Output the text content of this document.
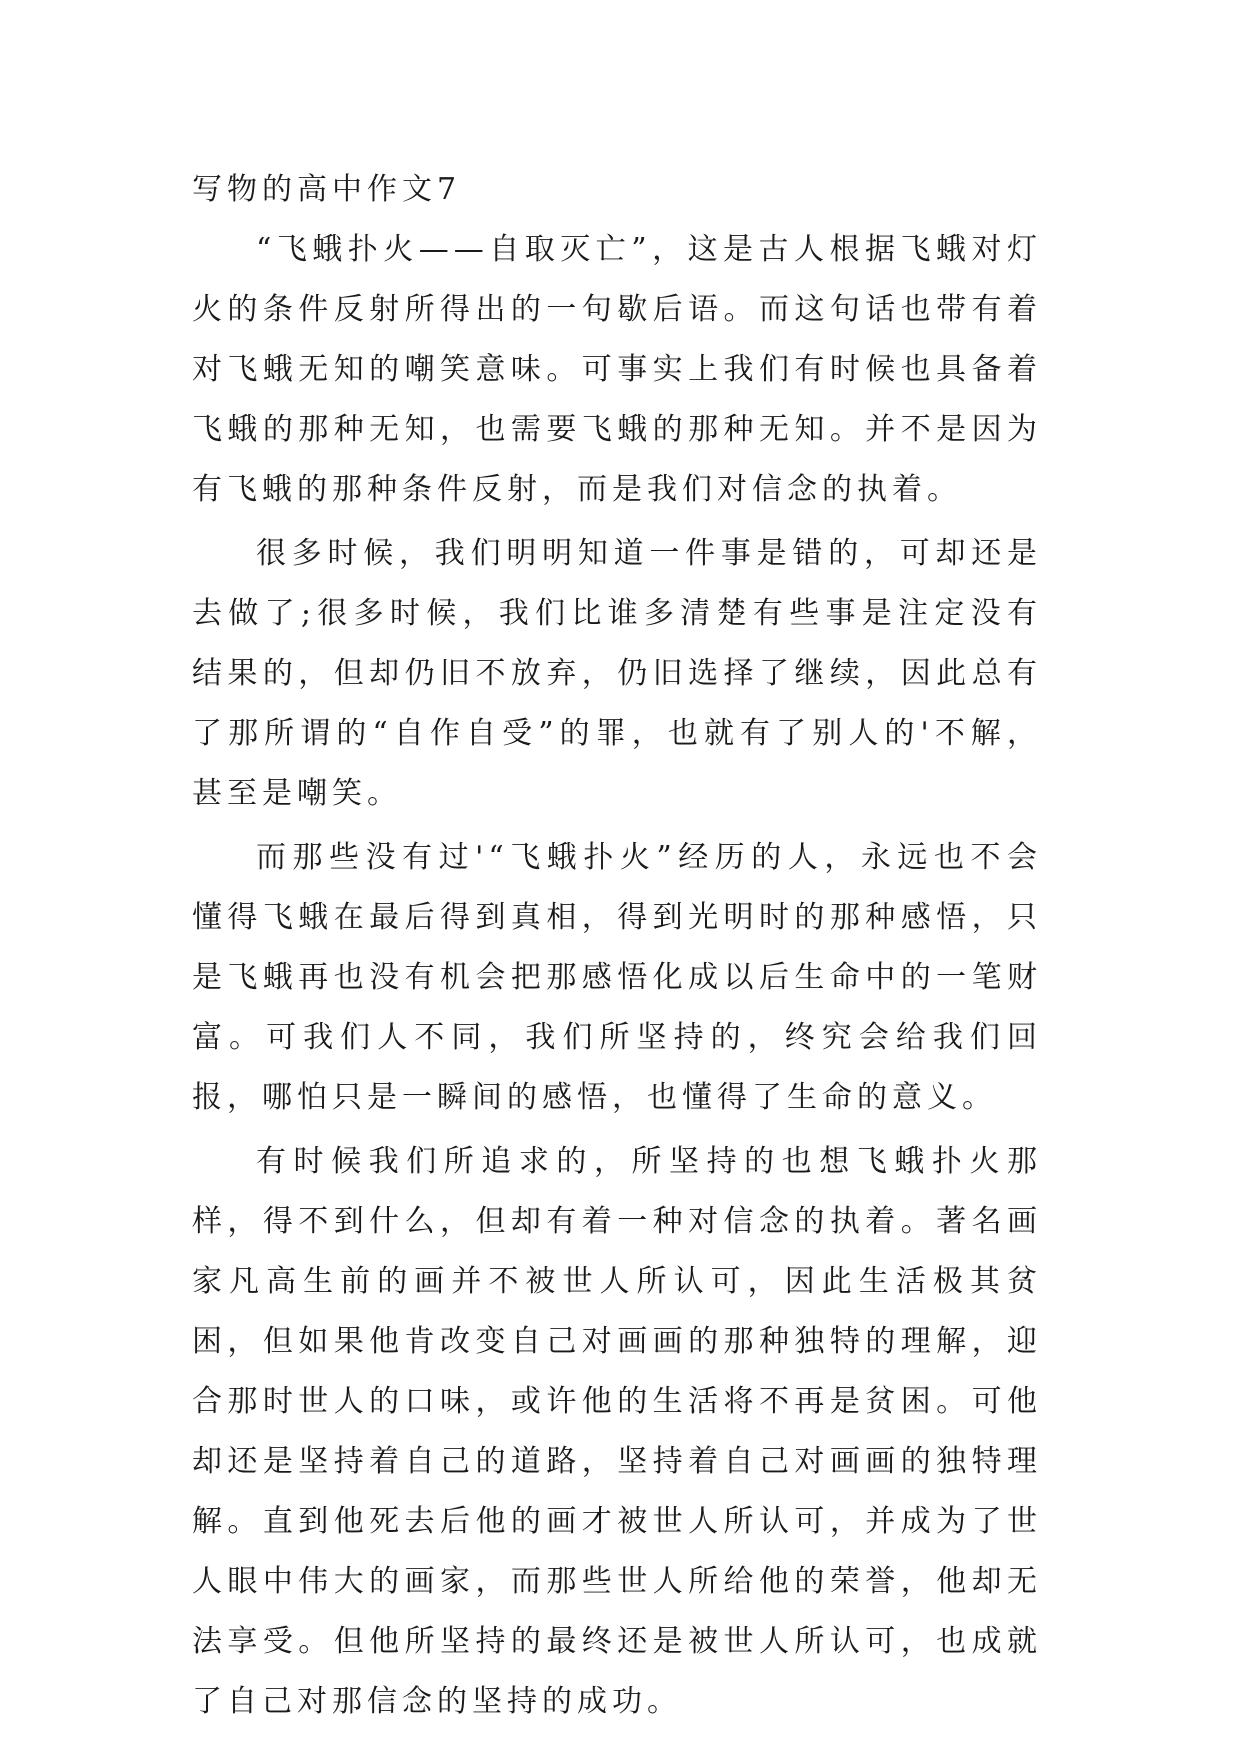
写物的高中作文7

“飞蛾扑火——自取灭亡”，这是古人根据飞蛾对灯火的条件反射所得出的一句歇后语。而这句话也带有着对飞蛾无知的嘲笑意味。可事实上我们有时候也具备着飞蛾的那种无知，也需要飞蛾的那种无知。并不是因为有飞蛾的那种条件反射，而是我们对信念的执着。

很多时候，我们明明知道一件事是错的，可却还是去做了;很多时候，我们比谁多清楚有些事是注定没有结果的，但却仍旧不放弃，仍旧选择了继续，因此总有了那所谓的“自作自受”的罪，也就有了别人的'不解，甚至是嘲笑。

而那些没有过'“飞蛾扑火”经历的人，永远也不会懂得飞蛾在最后得到真相，得到光明时的那种感悟，只是飞蛾再也没有机会把那感悟化成以后生命中的一笔财富。可我们人不同，我们所坚持的，终究会给我们回报，哪怕只是一瞬间的感悟，也懂得了生命的意义。

有时候我们所追求的，所坚持的也想飞蛾扑火那样，得不到什么，但却有着一种对信念的执着。著名画家凡高生前的画并不被世人所认可，因此生活极其贫困，但如果他肯改变自己对画画的那种独特的理解，迎合那时世人的口味，或许他的生活将不再是贫困。可他却还是坚持着自己的道路，坚持着自己对画画的独特理解。直到他死去后他的画才被世人所认可，并成为了世人眼中伟大的画家，而那些世人所给他的荣誉，他却无法享受。但他所坚持的最终还是被世人所认可，也成就了自己对那信念的坚持的成功。
